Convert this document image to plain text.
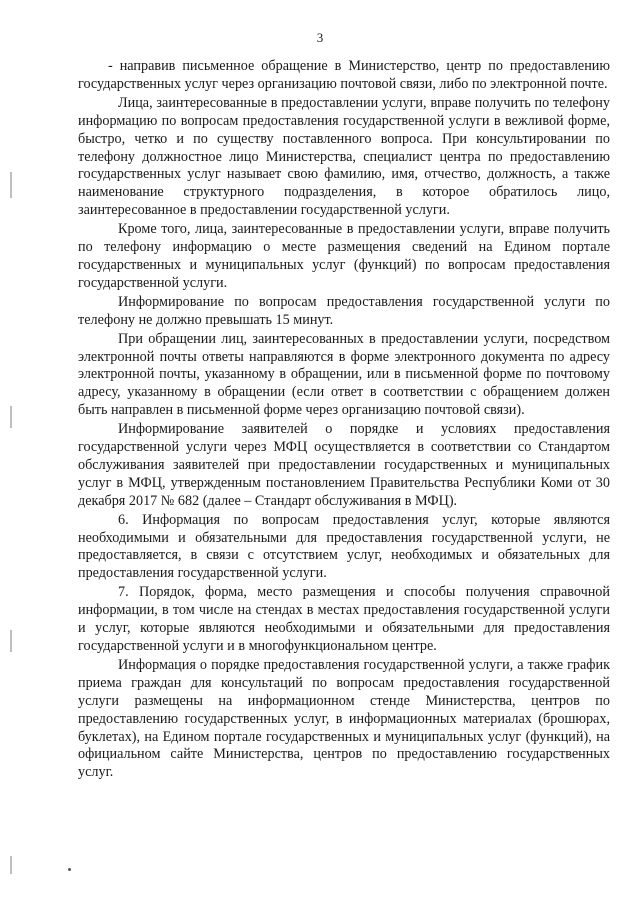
3

- направив письменное обращение в Министерство, центр по предоставлению государственных услуг через организацию почтовой связи, либо по электронной почте.

Лица, заинтересованные в предоставлении услуги, вправе получить по телефону информацию по вопросам предоставления государственной услуги в вежливой форме, быстро, четко и по существу поставленного вопроса. При консультировании по телефону должностное лицо Министерства, специалист центра по предоставлению государственных услуг называет свою фамилию, имя, отчество, должность, а также наименование структурного подразделения, в которое обратилось лицо, заинтересованное в предоставлении государственной услуги.

Кроме того, лица, заинтересованные в предоставлении услуги, вправе получить по телефону информацию о месте размещения сведений на Едином портале государственных и муниципальных услуг (функций) по вопросам предоставления государственной услуги.

Информирование по вопросам предоставления государственной услуги по телефону не должно превышать 15 минут.

При обращении лиц, заинтересованных в предоставлении услуги, посредством электронной почты ответы направляются в форме электронного документа по адресу электронной почты, указанному в обращении, или в письменной форме по почтовому адресу, указанному в обращении (если ответ в соответствии с обращением должен быть направлен в письменной форме через организацию почтовой связи).

Информирование заявителей о порядке и условиях предоставления государственной услуги через МФЦ осуществляется в соответствии со Стандартом обслуживания заявителей при предоставлении государственных и муниципальных услуг в МФЦ, утвержденным постановлением Правительства Республики Коми от 30 декабря 2017 № 682 (далее – Стандарт обслуживания в МФЦ).

6. Информация по вопросам предоставления услуг, которые являются необходимыми и обязательными для предоставления государственной услуги, не предоставляется, в связи с отсутствием услуг, необходимых и обязательных для предоставления государственной услуги.

7. Порядок, форма, место размещения и способы получения справочной информации, в том числе на стендах в местах предоставления государственной услуги и услуг, которые являются необходимыми и обязательными для предоставления государственной услуги и в многофункциональном центре.

Информация о порядке предоставления государственной услуги, а также график приема граждан для консультаций по вопросам предоставления государственной услуги размещены на информационном стенде Министерства, центров по предоставлению государственных услуг, в информационных материалах (брошюрах, буклетах), на Едином портале государственных и муниципальных услуг (функций), на официальном сайте Министерства, центров по предоставлению государственных услуг.
